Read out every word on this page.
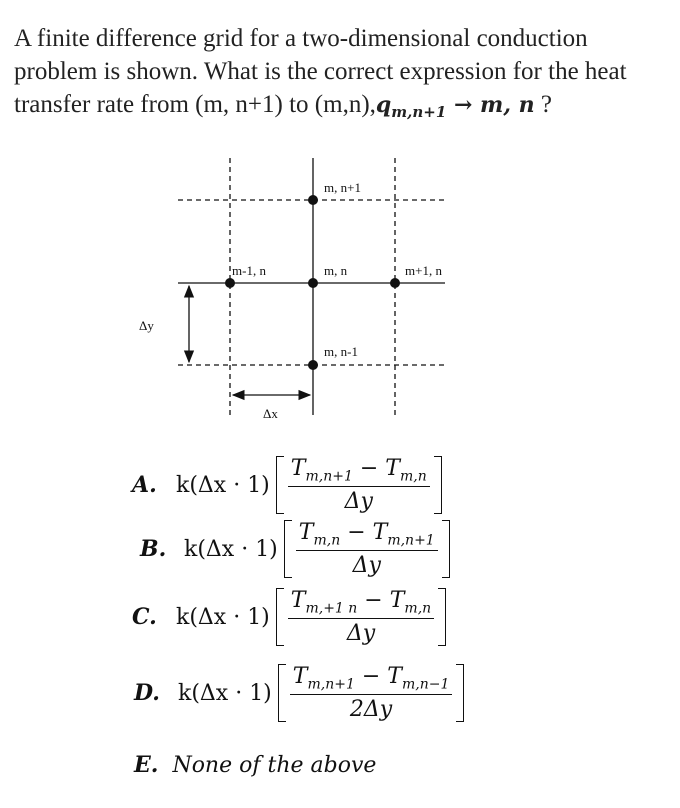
A finite difference grid for a two-dimensional conduction
problem is shown. What is the correct expression for the heat
transfer rate from (m, n+1) to $(m,n),q_{m,n+1} \to m$, n ?
m, n+1
m-1, n	m, n	m+1, n
m, n-1
Δy
Δx
A. $k(\Delta x \cdot 1) \frac{T_{m,n+1} - T_{m,n}}{\Delta y}$
B. $k(\Delta x \cdot 1) \frac{T_{m,n} - T_{m,n+1}}{\Delta y}$
C. $k(\Delta x \cdot 1) \frac{T_{m,+1 n} - T_{m,n}}{\Delta y}$
D. $k(\Delta x \cdot 1) \frac{T_{m,n+1} - T_{m,n-1}}{2\Delta y}$
E. None of the above
